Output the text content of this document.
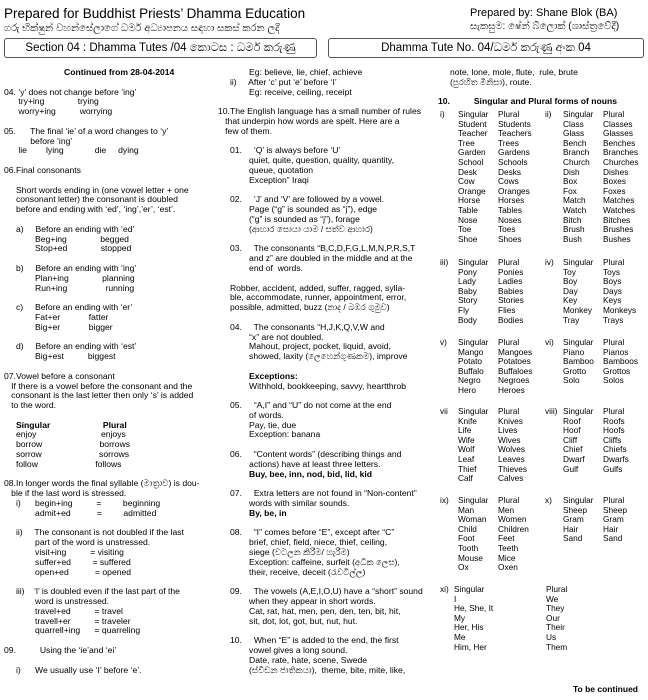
Prepared for Buddhist Priests’ Dhamma Education
ගරු භික්ෂුන් වහන්සේලාගේ ධර්ම අධ්‍යාපනය සඳහා සකස් කරන ලදී
Prepared by: Shane Blok (BA)
සැකසුම: ෂේන් බ්ලොක් (ශාස්ත්‍රවේදී)
Section 04 : Dhamma Tutes /04 කොටස : ධර්ම කරුණු	Dhamma Tute No. 04/ධර්ම කරුණු අංක 04
Continued from 28-04-2014

04. ‘y’ does not change before ‘ing’
try+ing              trying
worry+ing          worrying

05.      The final ‘ie’ of a word changes to ‘y’
before ‘ing’
lie        lying             die     dying

06.Final consonants

Short words ending in (one vowel letter + one
consonant letter) the consonant is doubled
before and ending with ‘ed’, ‘ing’,’er’, ‘est’.

a)     Before an ending with ‘ed’
Beg+ing              begged
Stop+ed              stopped

b)     Before an ending with ‘ing’
Plan+ing              planning
Run+ing                running

c)     Before an ending with ‘er’
Fat+er            fatter
Big+er            bigger

d)     Before an ending with ‘est’
Big+est          biggest

07.Vowel before a consonant
If there is a vowel before the consonant and the
consonant is the last letter then only ‘s’ is added
to the word.

Singular                      Plural
enjoy                           enjoys
borrow                        borrows
sorrow                        sorrows
follow                        follows

08.In longer words the final syllable (මාත්‍රාව) is dou-
ble if the last word is stressed.
i)      begin+ing          =         beginning
admit+ed           =         admitted

ii)     The consonant is not doubled if the last
part of the word is unstressed.
visit+ing          = visiting
suffer+ed         = suffered
open+ed           = opened

iii)    ‘l’ is doubled even if the last part of the
word is unstressed.
travel+ed          = travel
travell+er          = traveler
quarrell+ing      = quarreling

09.          Using the ‘ie’and ‘ei’

i)      We usually use ‘I’ before ‘e’.
Eg: believe, lie, chief, achieve
ii)     After ‘c’ put ‘e’ before ‘I’
Eg: receive, ceiling, receipt

10.The English language has a small number of rules
that underpin how words are spelt. Here are a
few of them.

01.     ‘Q’ is always before ‘U’
quiet, quite, question, quality, quantity,
queue, quotation
Exception” Iraqi

02.     ‘J’ and ‘V’ are followed by a vowel.
Page (“g” is sounded as “j”), edge
(“g” is sounded as “j”), forage
(ආහාර සොයා යාම / සත්ව ආහාර)

03.     The consonants “B,C,D,F,G,L,M,N,P,R,S,T
and z” are doubled in the middle and at the
end of  words.

Robber, accident, added, suffer, ragged, sylla-
ble, accommodate, runner, appointment, error,
possible, admitted, buzz (නාද / බඹර ගුමුව)

04.     The consonants “H,J,K,Q,V,W and
“x” are not doubled.
Mahout, project, pocket, liquid, avoid,
showed, laxity (ලෙහෙන්ගුණකම), improve

Exceptions:
Withhold, bookkeeping, savvy, heartthrob

05.     “A,I” and “U” do not come at the end
of words.
Pay, tie, due
Exception: banana

06.     “Content words” (describing things and
actions) have at least three letters.
Buy, bee, inn, nod, bid, lid, kid

07.     Extra letters are not found in “Non-content”
words with similar sounds.
By, be, in

08.     “I” comes before “E”, except after “C”
brief, chief, field, niece, thief, ceiling,
siege (වටලන කිරීම/ හැරීම)
Exception: caffeine, surfeit (අධික ලෙස),
their, receive, deceit (රැවටිල්ල)

09.     The vowels (A,E,I,O,U) have a “short” sound
when they appear in short words.
Cat, rat, hat, men, pen, den, ten, bit, hit,
sit, dot, lot, got, but, nut, hut.

10.     When “E” is added to the end, the first
vowel gives a long sound.
Date, rate, hate, scene, Swede
(ස්වීඩන ජාතිකයා),  theme, bite, mite, like,
note, lone, mole, flute,  rule, brute
(පුරහිත මිනිසා), route.

10.          Singular and Plural forms of nouns
i) Singular Plural
Student Students
Teacher Teachers
Tree	Trees
Garden Gardens
School Schools
Desk	Desks
Cow	Cows
Orange Oranges
Horse Horses
Table Tables
Nose Noses
Toe	Toes
Shoe Shoes
ii) Singular Plural
Class Classes
Glass Glasses
Bench Benches
Branch Branches
Church Churches
Dish	Dishes
Box	Boxes
Fox	Foxes
Match Matches
Watch Watches
Bitch	Bitches
Brush Brushes
Bush	Bushes
iii) Singular Plural
Pony	Ponies
Lady	Ladies
Baby	Babies
Story Stories
Fly	Flies
Body	Bodies
iv) Singular Plural
Toy	Toys
Boy	Boys
Day	Days
Key	Keys
Monkey Monkeys
Tray	Trays
v) Singular Plural
Mango Mangoes
Potato Potatoes
Buffalo Buffaloes
Negro Negroes
Hero	Heroes
vi) Singular Plural
Piano Pianos
Bamboo Bamboos
Grotto Grottos
Solo	Solos
vii Singular Plural
Knife	Knives
Life	Lives
Wife	Wives
Wolf	Wolves
Leaf	Leaves
Thief	Thieves
Calf	Calves
viii) Singular Plural
Roof	Roofs
Hoof	Hoofs
Cliff	Cliffs
Chief Chiefs
Dwarf Dwarfs
Gulf	Gulfs
ix) Singular Plural
Man	Men
Woman Women
Child	Children
Foot	Feet
Tooth Teeth
Mouse Mice
Ox	Oxen
x) Singular Plural
Sheep Sheep
Gram Gram
Hair	Hair
Sand Sand
xi) Singular	Plural
I	We
He, She, It	They
My	Our
Her, His	Their
Me	Us
Him, Her	Them
To be continued
